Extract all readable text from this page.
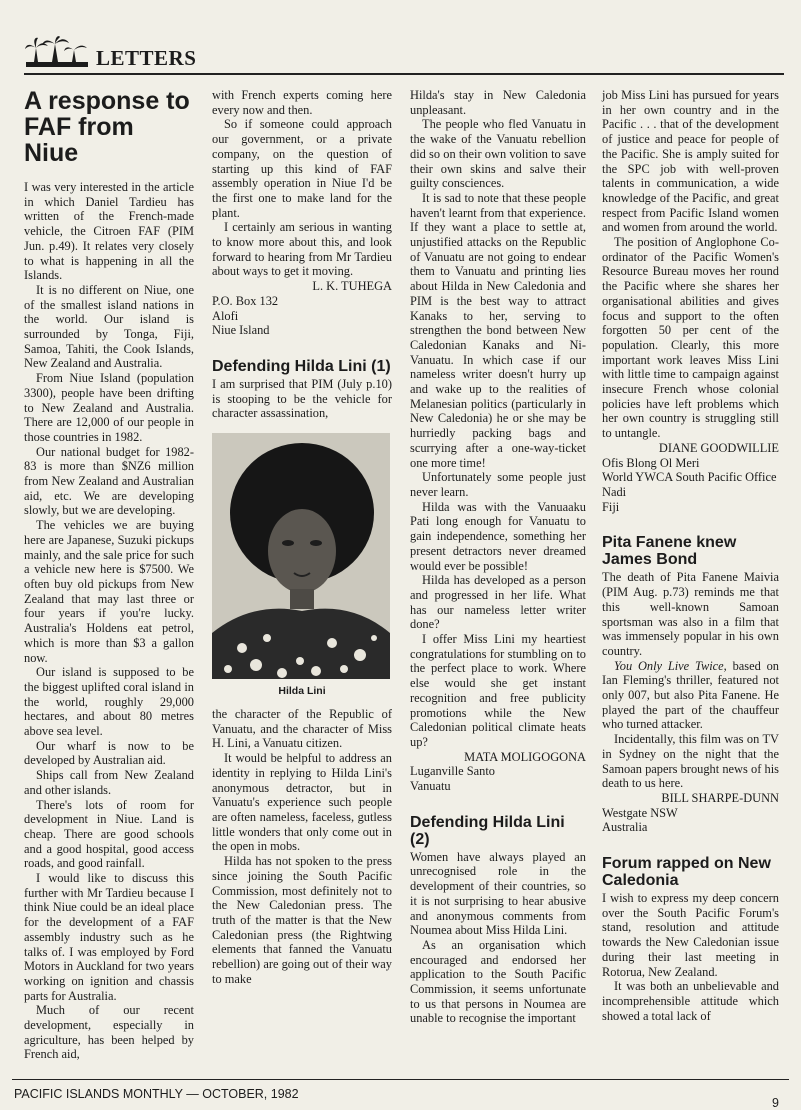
LETTERS
A response to FAF from Niue

I was very interested in the article in which Daniel Tardieu has written of the French-made vehicle, the Citroen FAF (PIM Jun. p.49). It relates very closely to what is happening in all the Islands.

It is no different on Niue, one of the smallest island nations in the world. Our island is surrounded by Tonga, Fiji, Samoa, Tahiti, the Cook Islands, New Zealand and Australia.

From Niue Island (population 3300), people have been drifting to New Zealand and Australia. There are 12,000 of our people in those countries in 1982.

Our national budget for 1982-83 is more than $NZ6 million from New Zealand and Australian aid, etc. We are developing slowly, but we are developing.

The vehicles we are buying here are Japanese, Suzuki pickups mainly, and the sale price for such a vehicle new here is $7500. We often buy old pickups from New Zealand that may last three or four years if you're lucky. Australia's Holdens eat petrol, which is more than $3 a gallon now.

Our island is supposed to be the biggest uplifted coral island in the world, roughly 29,000 hectares, and about 80 metres above sea level.

Our wharf is now to be developed by Australian aid.

Ships call from New Zealand and other islands.

There's lots of room for development in Niue. Land is cheap. There are good schools and a good hospital, good access roads, and good rainfall.

I would like to discuss this further with Mr Tardieu because I think Niue could be an ideal place for the development of a FAF assembly industry such as he talks of. I was employed by Ford Motors in Auckland for two years working on ignition and chassis parts for Australia.

Much of our recent development, especially in agriculture, has been helped by French aid,

with French experts coming here every now and then.

So if someone could approach our government, or a private company, on the question of starting up this kind of FAF assembly operation in Niue I'd be the first one to make land for the plant.

I certainly am serious in wanting to know more about this, and look forward to hearing from Mr Tardieu about ways to get it moving.

L. K. TUHEGA

P.O. Box 132

Alofi

Niue Island

Defending Hilda Lini (1)

I am surprised that PIM (July p.10) is stooping to be the vehicle for character assassination,

Hilda Lini

the character of the Republic of Vanuatu, and the character of Miss H. Lini, a Vanuatu citizen.

It would be helpful to address an identity in replying to Hilda Lini's anonymous detractor, but in Vanuatu's experience such people are often nameless, faceless, gutless little wonders that only come out in the open in mobs.

Hilda has not spoken to the press since joining the South Pacific Commission, most definitely not to the New Caledonian press. The truth of the matter is that the New Caledonian press (the Rightwing elements that fanned the Vanuatu rebellion) are going out of their way to make

Hilda's stay in New Caledonia unpleasant.

The people who fled Vanuatu in the wake of the Vanuatu rebellion did so on their own volition to save their own skins and salve their guilty consciences.

It is sad to note that these people haven't learnt from that experience. If they want a place to settle at, unjustified attacks on the Republic of Vanuatu are not going to endear them to Vanuatu and printing lies about Hilda in New Caledonia and PIM is the best way to attract Kanaks to her, serving to strengthen the bond between New Caledonian Kanaks and Ni-Vanuatu. In which case if our nameless writer doesn't hurry up and wake up to the realities of Melanesian politics (particularly in New Caledonia) he or she may be hurriedly packing bags and scurrying after a one-way-ticket one more time!

Unfortunately some people just never learn.

Hilda was with the Vanuaaku Pati long enough for Vanuatu to gain independence, something her present detractors never dreamed would ever be possible!

Hilda has developed as a person and progressed in her life. What has our nameless letter writer done?

I offer Miss Lini my heartiest congratulations for stumbling on to the perfect place to work. Where else would she get instant recognition and free publicity promotions while the New Caledonian political climate heats up?

MATA MOLIGOGONA

Luganville Santo

Vanuatu

Defending Hilda Lini (2)

Women have always played an unrecognised role in the development of their countries, so it is not surprising to hear abusive and anonymous comments from Noumea about Miss Hilda Lini.

As an organisation which encouraged and endorsed her application to the South Pacific Commission, it seems unfortunate to us that persons in Noumea are unable to recognise the important

job Miss Lini has pursued for years in her own country and in the Pacific . . . that of the development of justice and peace for people of the Pacific. She is amply suited for the SPC job with well-proven talents in communication, a wide knowledge of the Pacific, and great respect from Pacific Island women and women from around the world.

The position of Anglophone Co-ordinator of the Pacific Women's Resource Bureau moves her round the Pacific where she shares her organisational abilities and gives focus and support to the often forgotten 50 per cent of the population. Clearly, this more important work leaves Miss Lini with little time to campaign against insecure French whose colonial policies have left problems which her own country is struggling still to untangle.

DIANE GOODWILLIE

Ofis Blong Ol Meri

World YWCA South Pacific Office

Nadi

Fiji

Pita Fanene knew James Bond

The death of Pita Fanene Maivia (PIM Aug. p.73) reminds me that this well-known Samoan sportsman was also in a film that was immensely popular in his own country.

You Only Live Twice, based on Ian Fleming's thriller, featured not only 007, but also Pita Fanene. He played the part of the chauffeur who turned attacker.

Incidentally, this film was on TV in Sydney on the night that the Samoan papers brought news of his death to us here.

BILL SHARPE-DUNN

Westgate NSW

Australia

Forum rapped on New Caledonia

I wish to express my deep concern over the South Pacific Forum's stand, resolution and attitude towards the New Caledonian issue during their last meeting in Rotorua, New Zealand.

It was both an unbelievable and incomprehensible attitude which showed a total lack of

PACIFIC ISLANDS MONTHLY — OCTOBER, 1982
9
